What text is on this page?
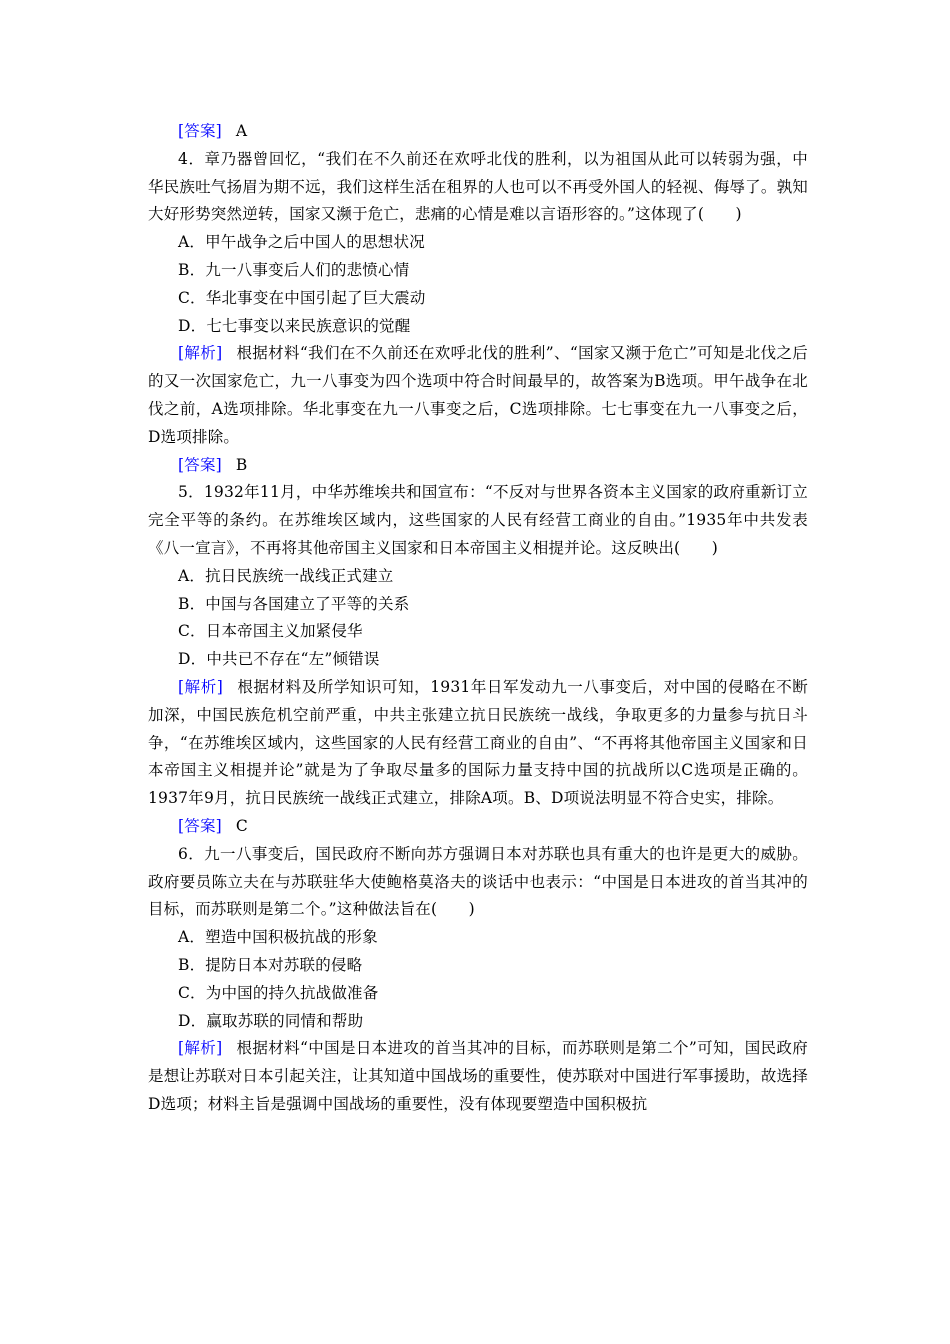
[答案] A

4．章乃器曾回忆，“我们在不久前还在欢呼北伐的胜利，以为祖国从此可以转弱为强，中华民族吐气扬眉为期不远，我们这样生活在租界的人也可以不再受外国人的轻视、侮辱了。孰知大好形势突然逆转，国家又濒于危亡，悲痛的心情是难以言语形容的。”这体现了(　　)

A．甲午战争之后中国人的思想状况

B．九一八事变后人们的悲愤心情

C．华北事变在中国引起了巨大震动

D．七七事变以来民族意识的觉醒

[解析] 根据材料“我们在不久前还在欢呼北伐的胜利”、“国家又濒于危亡”可知是北伐之后的又一次国家危亡，九一八事变为四个选项中符合时间最早的，故答案为B选项。甲午战争在北伐之前，A选项排除。华北事变在九一八事变之后，C选项排除。七七事变在九一八事变之后，D选项排除。

[答案] B

5．1932年11月，中华苏维埃共和国宣布：“不反对与世界各资本主义国家的政府重新订立完全平等的条约。在苏维埃区域内，这些国家的人民有经营工商业的自由。”1935年中共发表《八一宣言》，不再将其他帝国主义国家和日本帝国主义相提并论。这反映出(　　)

A．抗日民族统一战线正式建立

B．中国与各国建立了平等的关系

C．日本帝国主义加紧侵华

D．中共已不存在“左”倾错误

[解析] 根据材料及所学知识可知，1931年日军发动九一八事变后，对中国的侵略在不断加深，中国民族危机空前严重，中共主张建立抗日民族统一战线，争取更多的力量参与抗日斗争，“在苏维埃区域内，这些国家的人民有经营工商业的自由”、“不再将其他帝国主义国家和日本帝国主义相提并论”就是为了争取尽量多的国际力量支持中国的抗战所以C选项是正确的。1937年9月，抗日民族统一战线正式建立，排除A项。B、D项说法明显不符合史实，排除。

[答案] C

6．九一八事变后，国民政府不断向苏方强调日本对苏联也具有重大的也许是更大的威胁。政府要员陈立夫在与苏联驻华大使鲍格莫洛夫的谈话中也表示：“中国是日本进攻的首当其冲的目标，而苏联则是第二个。”这种做法旨在(　　)

A．塑造中国积极抗战的形象

B．提防日本对苏联的侵略

C．为中国的持久抗战做准备

D．赢取苏联的同情和帮助

[解析] 根据材料“中国是日本进攻的首当其冲的目标，而苏联则是第二个”可知，国民政府是想让苏联对日本引起关注，让其知道中国战场的重要性，使苏联对中国进行军事援助，故选择D选项；材料主旨是强调中国战场的重要性，没有体现要塑造中国积极抗
